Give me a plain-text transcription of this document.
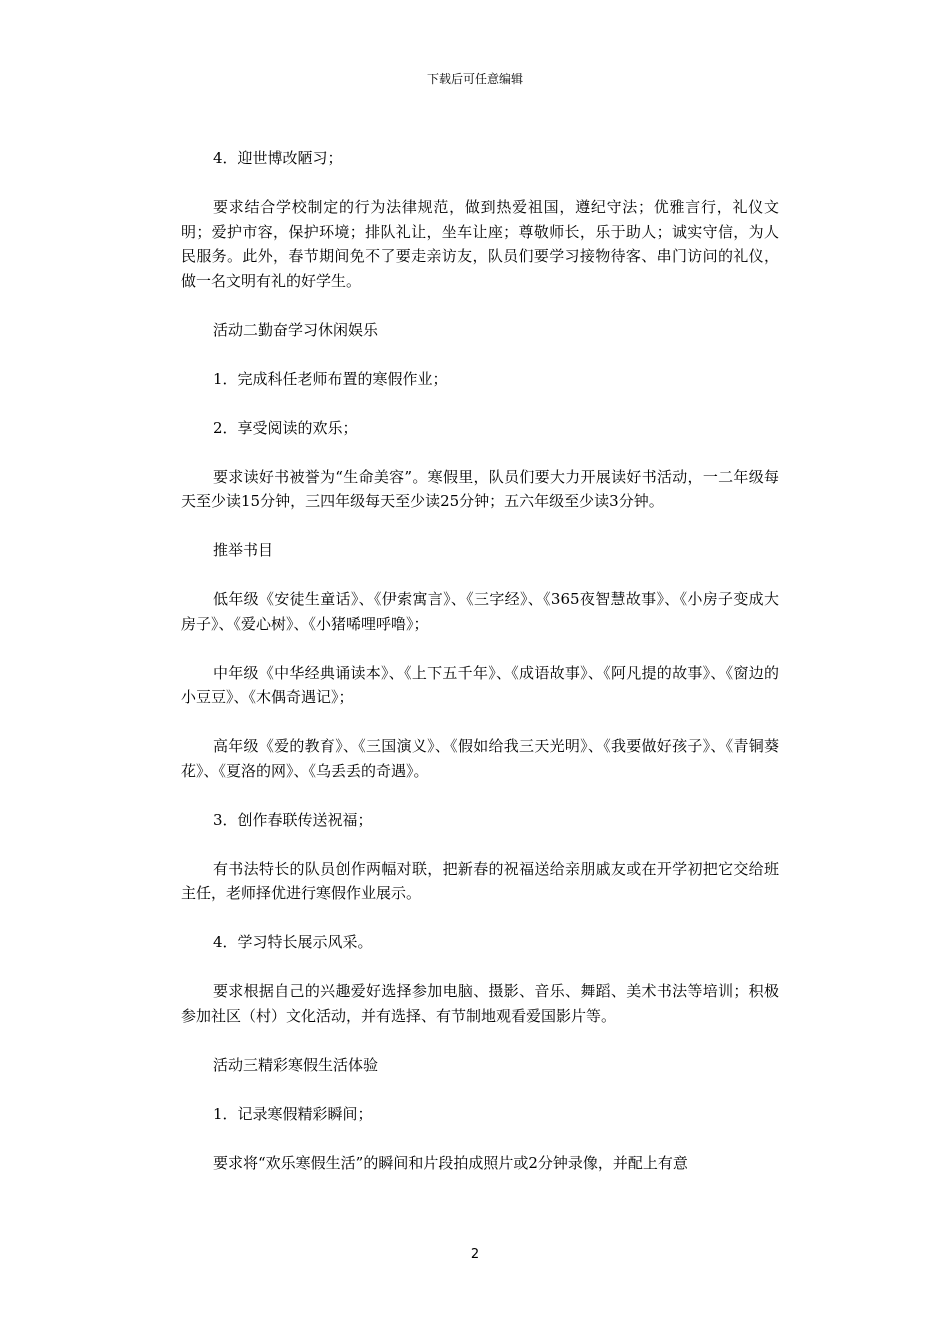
下载后可任意编辑

4．迎世博改陋习；

要求结合学校制定的行为法律规范，做到热爱祖国，遵纪守法；优雅言行，礼仪文明；爱护市容，保护环境；排队礼让，坐车让座；尊敬师长，乐于助人；诚实守信，为人民服务。此外，春节期间免不了要走亲访友，队员们要学习接物待客、串门访问的礼仪，做一名文明有礼的好学生。

活动二勤奋学习休闲娱乐

1．完成科任老师布置的寒假作业；

2．享受阅读的欢乐；

要求读好书被誉为“生命美容”。寒假里，队员们要大力开展读好书活动，一二年级每天至少读15分钟，三四年级每天至少读25分钟；五六年级至少读3分钟。

推举书目

低年级《安徒生童话》、《伊索寓言》、《三字经》、《365夜智慧故事》、《小房子变成大房子》、《爱心树》、《小猪唏哩呼噜》；

中年级《中华经典诵读本》、《上下五千年》、《成语故事》、《阿凡提的故事》、《窗边的小豆豆》、《木偶奇遇记》；

高年级《爱的教育》、《三国演义》、《假如给我三天光明》、《我要做好孩子》、《青铜葵花》、《夏洛的网》、《乌丢丢的奇遇》。

3．创作春联传送祝福；

有书法特长的队员创作两幅对联，把新春的祝福送给亲朋戚友或在开学初把它交给班主任，老师择优进行寒假作业展示。

4．学习特长展示风采。

要求根据自己的兴趣爱好选择参加电脑、摄影、音乐、舞蹈、美术书法等培训；积极参加社区（村）文化活动，并有选择、有节制地观看爱国影片等。

活动三精彩寒假生活体验

1．记录寒假精彩瞬间；

要求将“欢乐寒假生活”的瞬间和片段拍成照片或2分钟录像，并配上有意

2
